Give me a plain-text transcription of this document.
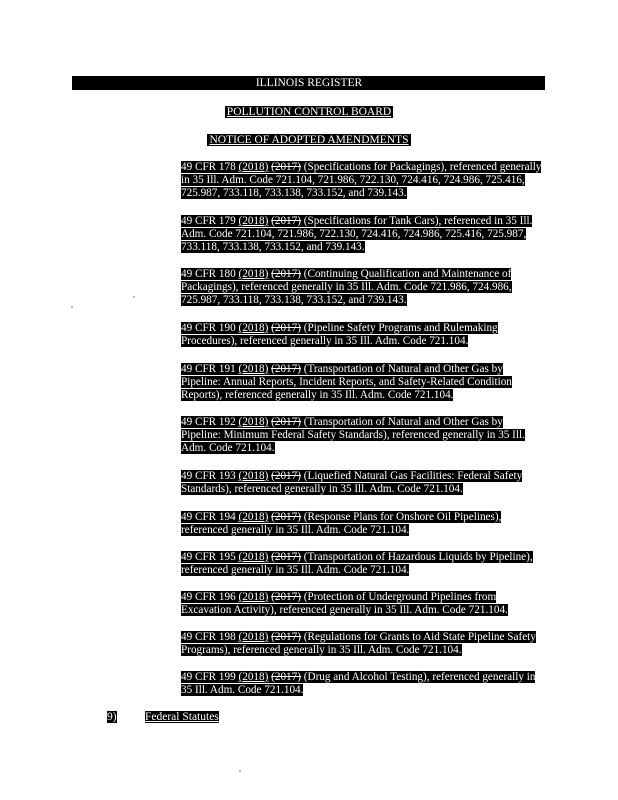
ILLINOIS REGISTER
POLLUTION CONTROL BOARD
NOTICE OF ADOPTED AMENDMENTS
49 CFR 178 (2018) (2017) (Specifications for Packagings), referenced generally in 35 Ill. Adm. Code 721.104, 721.986, 722.130, 724.416, 724.986, 725.416, 725.987, 733.118, 733.138, 733.152, and 739.143.
49 CFR 179 (2018) (2017) (Specifications for Tank Cars), referenced in 35 Ill. Adm. Code 721.104, 721.986, 722.130, 724.416, 724.986, 725.416, 725.987, 733.118, 733.138, 733.152, and 739.143.
49 CFR 180 (2018) (2017) (Continuing Qualification and Maintenance of Packagings), referenced generally in 35 Ill. Adm. Code 721.986, 724.986, 725.987, 733.118, 733.138, 733.152, and 739.143.
49 CFR 190 (2018) (2017) (Pipeline Safety Programs and Rulemaking Procedures), referenced generally in 35 Ill. Adm. Code 721.104.
49 CFR 191 (2018) (2017) (Transportation of Natural and Other Gas by Pipeline: Annual Reports, Incident Reports, and Safety-Related Condition Reports), referenced generally in 35 Ill. Adm. Code 721.104.
49 CFR 192 (2018) (2017) (Transportation of Natural and Other Gas by Pipeline: Minimum Federal Safety Standards), referenced generally in 35 Ill. Adm. Code 721.104.
49 CFR 193 (2018) (2017) (Liquefied Natural Gas Facilities: Federal Safety Standards), referenced generally in 35 Ill. Adm. Code 721.104.
49 CFR 194 (2018) (2017) (Response Plans for Onshore Oil Pipelines), referenced generally in 35 Ill. Adm. Code 721.104.
49 CFR 195 (2018) (2017) (Transportation of Hazardous Liquids by Pipeline), referenced generally in 35 Ill. Adm. Code 721.104.
49 CFR 196 (2018) (2017) (Protection of Underground Pipelines from Excavation Activity), referenced generally in 35 Ill. Adm. Code 721.104.
49 CFR 198 (2018) (2017) (Regulations for Grants to Aid State Pipeline Safety Programs), referenced generally in 35 Ill. Adm. Code 721.104.
49 CFR 199 (2018) (2017) (Drug and Alcohol Testing), referenced generally in 35 Ill. Adm. Code 721.104.
9) Federal Statutes
